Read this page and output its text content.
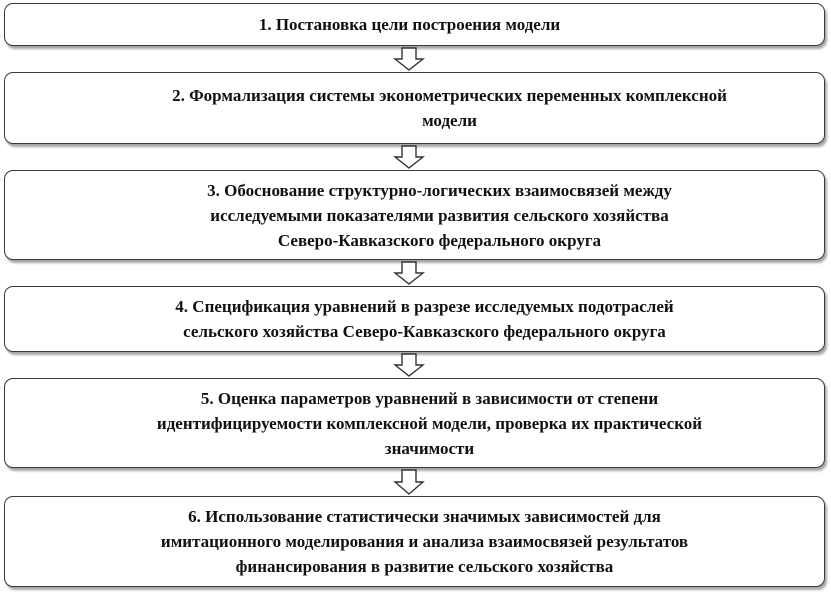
1. Постановка цели построения модели
2. Формализация системы эконометрических переменных комплексной
модели
3. Обоснование структурно-логических взаимосвязей между
исследуемыми показателями развития сельского хозяйства
Северо-Кавказского федерального округа
4. Спецификация уравнений в разрезе исследуемых подотраслей
сельского хозяйства Северо-Кавказского федерального округа
5. Оценка параметров уравнений в зависимости от степени
идентифицируемости комплексной модели, проверка их практической
значимости
6. Использование статистически значимых зависимостей для
имитационного моделирования и анализа взаимосвязей результатов
финансирования в развитие сельского хозяйства
